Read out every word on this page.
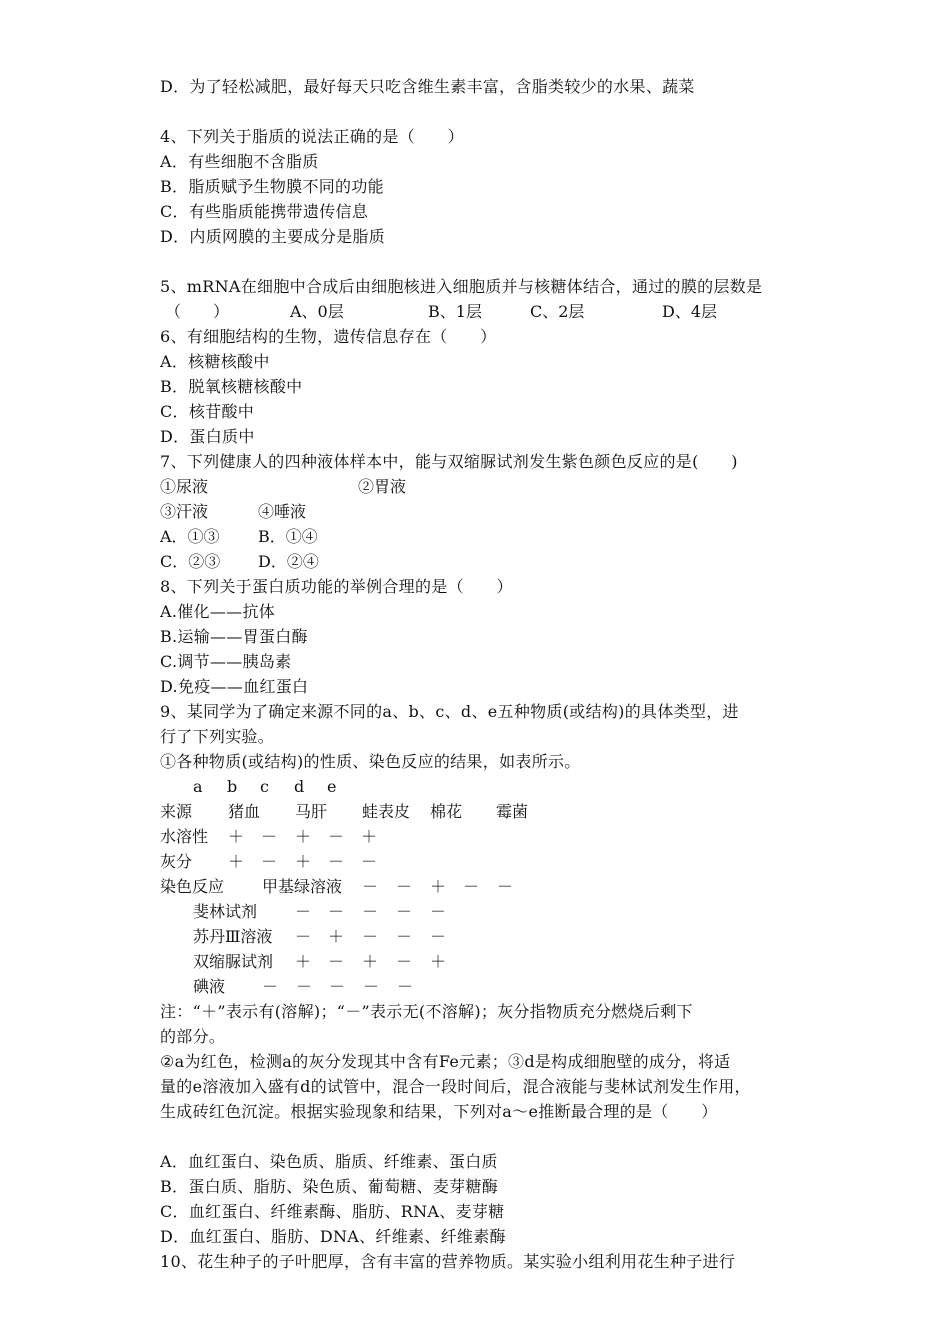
D．为了轻松减肥，最好每天只吃含维生素丰富，含脂类较少的水果、蔬菜
4、下列关于脂质的说法正确的是（　　）
A．有些细胞不含脂质
B．脂质赋予生物膜不同的功能
C．有些脂质能携带遗传信息
D．内质网膜的主要成分是脂质
5、mRNA在细胞中合成后由细胞核进入细胞质并与核糖体结合，通过的膜的层数是
（　　）	A、0层	B、1层	C、2层	D、4层
6、有细胞结构的生物，遗传信息存在（　　）
A．核糖核酸中
B．脱氧核糖核酸中
C．核苷酸中
D．蛋白质中
7、下列健康人的四种液体样本中，能与双缩脲试剂发生紫色颜色反应的是(　　)
①尿液	②胃液
③汗液	④唾液
A．①③ B．①④
C．②③ D．②④
8、下列关于蛋白质功能的举例合理的是（　　）
A.催化——抗体
B.运输——胃蛋白酶
C.调节——胰岛素
D.免疫——血红蛋白
9、某同学为了确定来源不同的a、b、c、d、e五种物质(或结构)的具体类型，进
行了下列实验。
①各种物质(或结构)的性质、染色反应的结果，如表所示。
a b c d e
来源 猪血 马肝 蛙表皮 棉花 霉菌
水溶性 ＋ － ＋ － ＋
灰分 ＋ － ＋ － －
染色反应 甲基绿溶液 － － ＋ － －
斐林试剂 － － － － －
苏丹Ⅲ溶液 － ＋ － － －
双缩脲试剂 ＋ － ＋ － ＋
碘液 － － － － －
注：“＋”表示有(溶解)；“－”表示无(不溶解)；灰分指物质充分燃烧后剩下
的部分。
②a为红色，检测a的灰分发现其中含有Fe元素；③d是构成细胞壁的成分，将适
量的e溶液加入盛有d的试管中，混合一段时间后，混合液能与斐林试剂发生作用，
生成砖红色沉淀。根据实验现象和结果，下列对a～e推断最合理的是（　　）
A．血红蛋白、染色质、脂质、纤维素、蛋白质
B．蛋白质、脂肪、染色质、葡萄糖、麦芽糖酶
C．血红蛋白、纤维素酶、脂肪、RNA、麦芽糖
D．血红蛋白、脂肪、DNA、纤维素、纤维素酶
10、花生种子的子叶肥厚，含有丰富的营养物质。某实验小组利用花生种子进行
